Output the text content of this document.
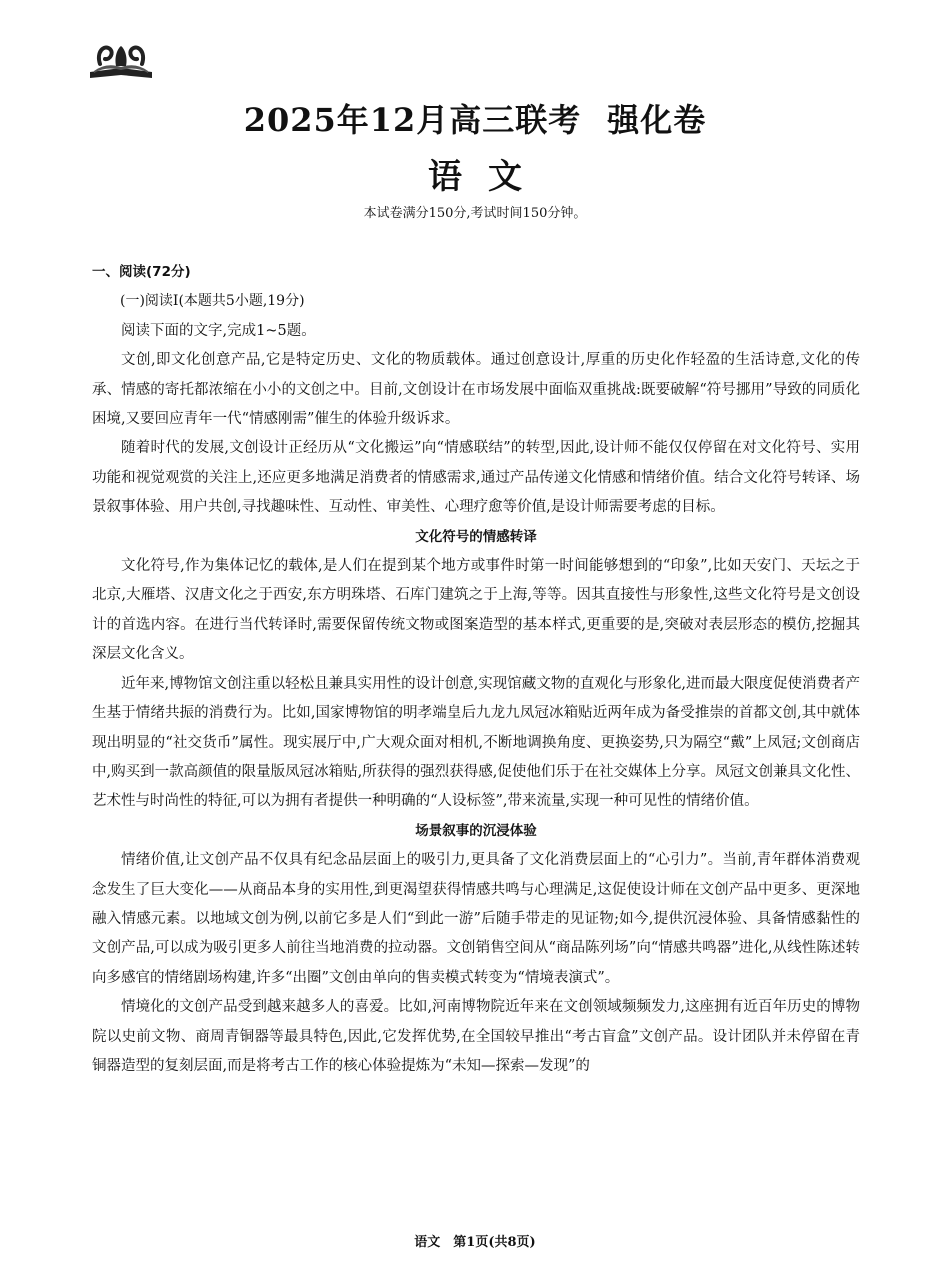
2025年12月高三联考 强化卷
语文
本试卷满分150分,考试时间150分钟。

一、阅读(72分)

(一)阅读Ⅰ(本题共5小题,19分)

阅读下面的文字,完成1~5题。

文创,即文化创意产品,它是特定历史、文化的物质载体。通过创意设计,厚重的历史化作轻盈的生活诗意,文化的传承、情感的寄托都浓缩在小小的文创之中。目前,文创设计在市场发展中面临双重挑战:既要破解“符号挪用”导致的同质化困境,又要回应青年一代“情感刚需”催生的体验升级诉求。

随着时代的发展,文创设计正经历从“文化搬运”向“情感联结”的转型,因此,设计师不能仅仅停留在对文化符号、实用功能和视觉观赏的关注上,还应更多地满足消费者的情感需求,通过产品传递文化情感和情绪价值。结合文化符号转译、场景叙事体验、用户共创,寻找趣味性、互动性、审美性、心理疗愈等价值,是设计师需要考虑的目标。

文化符号的情感转译

文化符号,作为集体记忆的载体,是人们在提到某个地方或事件时第一时间能够想到的“印象”,比如天安门、天坛之于北京,大雁塔、汉唐文化之于西安,东方明珠塔、石库门建筑之于上海,等等。因其直接性与形象性,这些文化符号是文创设计的首选内容。在进行当代转译时,需要保留传统文物或图案造型的基本样式,更重要的是,突破对表层形态的模仿,挖掘其深层文化含义。

近年来,博物馆文创注重以轻松且兼具实用性的设计创意,实现馆藏文物的直观化与形象化,进而最大限度促使消费者产生基于情绪共振的消费行为。比如,国家博物馆的明孝端皇后九龙九凤冠冰箱贴近两年成为备受推崇的首都文创,其中就体现出明显的“社交货币”属性。现实展厅中,广大观众面对相机,不断地调换角度、更换姿势,只为隔空“戴”上凤冠;文创商店中,购买到一款高颜值的限量版凤冠冰箱贴,所获得的强烈获得感,促使他们乐于在社交媒体上分享。凤冠文创兼具文化性、艺术性与时尚性的特征,可以为拥有者提供一种明确的“人设标签”,带来流量,实现一种可见性的情绪价值。

场景叙事的沉浸体验

情绪价值,让文创产品不仅具有纪念品层面上的吸引力,更具备了文化消费层面上的“心引力”。当前,青年群体消费观念发生了巨大变化——从商品本身的实用性,到更渴望获得情感共鸣与心理满足,这促使设计师在文创产品中更多、更深地融入情感元素。以地域文创为例,以前它多是人们“到此一游”后随手带走的见证物;如今,提供沉浸体验、具备情感黏性的文创产品,可以成为吸引更多人前往当地消费的拉动器。文创销售空间从“商品陈列场”向“情感共鸣器”进化,从线性陈述转向多感官的情绪剧场构建,许多“出圈”文创由单向的售卖模式转变为“情境表演式”。

情境化的文创产品受到越来越多人的喜爱。比如,河南博物院近年来在文创领域频频发力,这座拥有近百年历史的博物院以史前文物、商周青铜器等最具特色,因此,它发挥优势,在全国较早推出“考古盲盒”文创产品。设计团队并未停留在青铜器造型的复刻层面,而是将考古工作的核心体验提炼为“未知—探索—发现”的

语文　第1页(共8页)
